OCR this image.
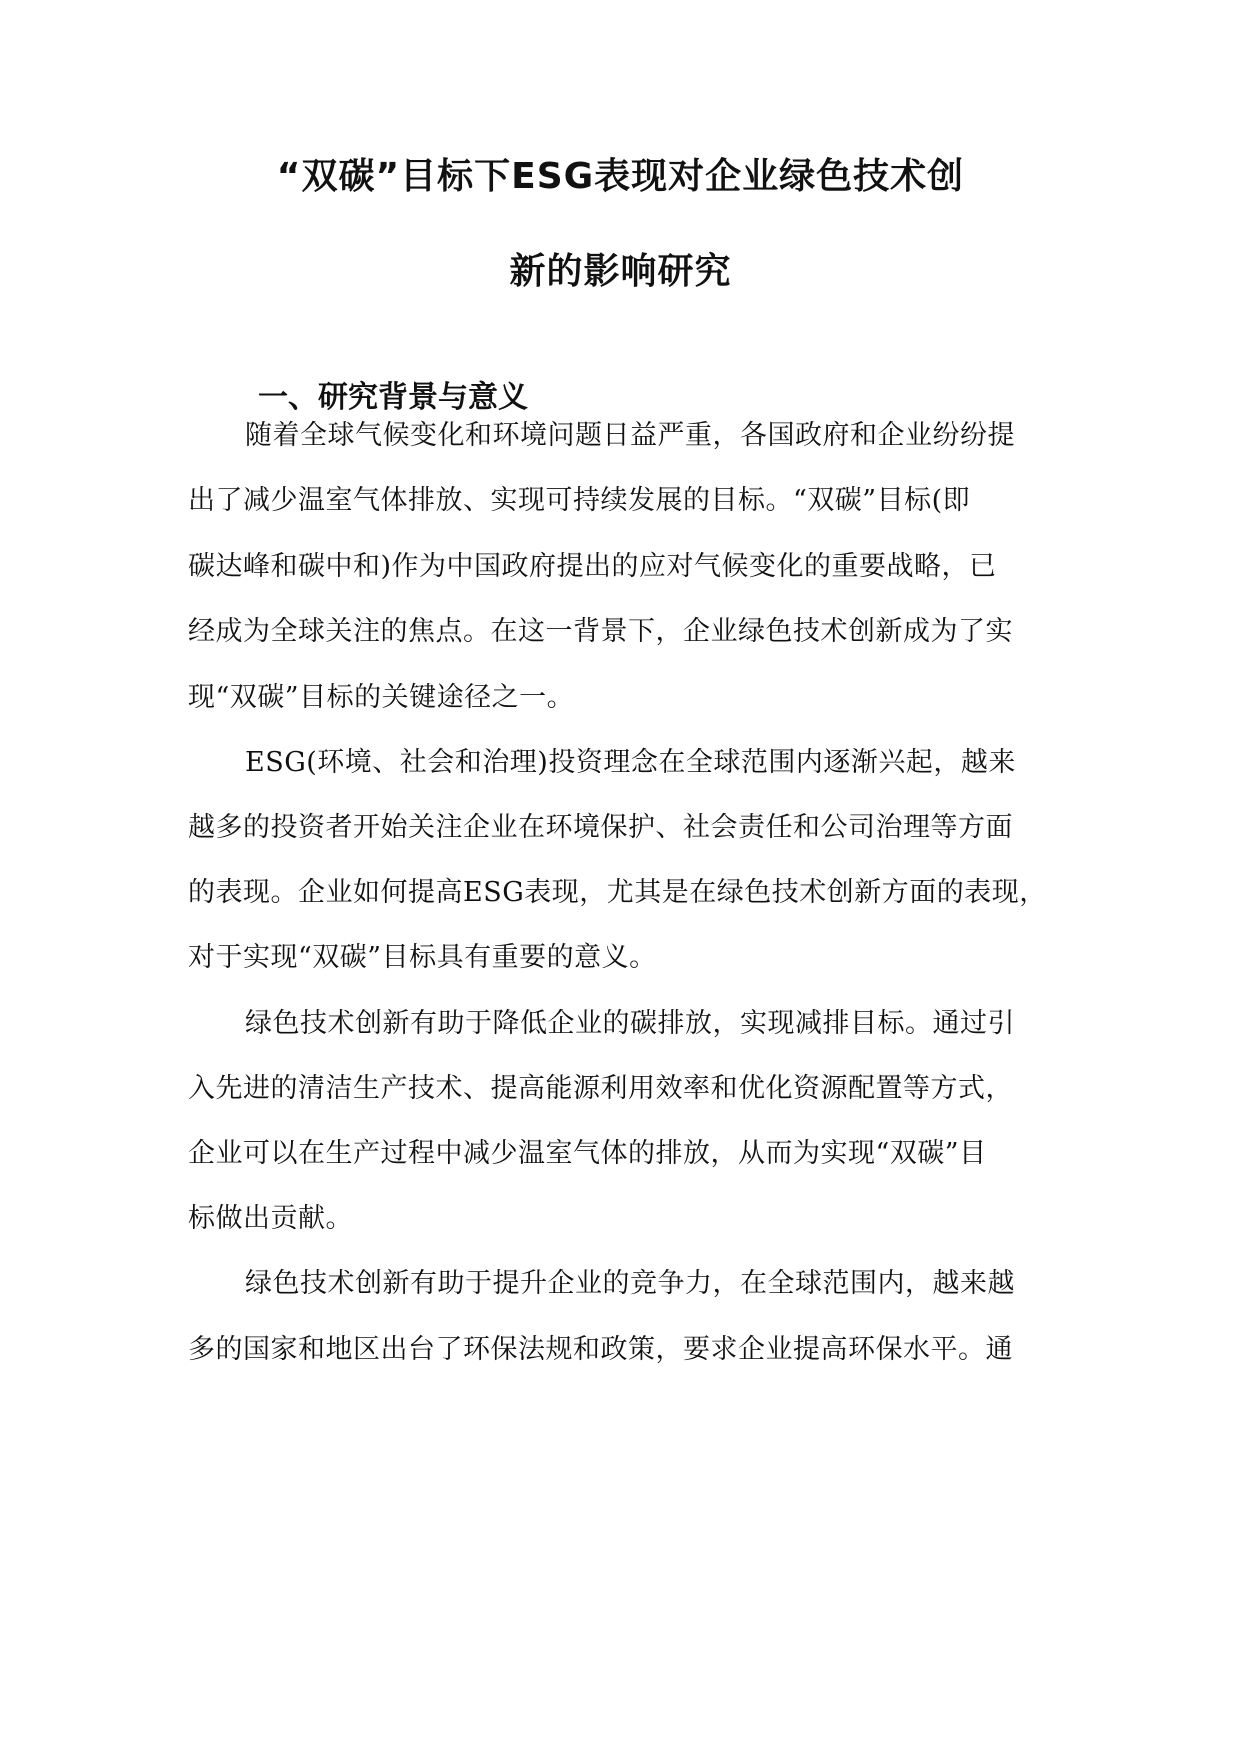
“双碳”目标下ESG表现对企业绿色技术创
新的影响研究
一、研究背景与意义
随着全球气候变化和环境问题日益严重，各国政府和企业纷纷提
出了减少温室气体排放、实现可持续发展的目标。“双碳”目标(即
碳达峰和碳中和)作为中国政府提出的应对气候变化的重要战略，已
经成为全球关注的焦点。在这一背景下，企业绿色技术创新成为了实
现“双碳”目标的关键途径之一。
ESG(环境、社会和治理)投资理念在全球范围内逐渐兴起，越来
越多的投资者开始关注企业在环境保护、社会责任和公司治理等方面
的表现。企业如何提高ESG表现，尤其是在绿色技术创新方面的表现，
对于实现“双碳”目标具有重要的意义。
绿色技术创新有助于降低企业的碳排放，实现减排目标。通过引
入先进的清洁生产技术、提高能源利用效率和优化资源配置等方式，
企业可以在生产过程中减少温室气体的排放，从而为实现“双碳”目
标做出贡献。
绿色技术创新有助于提升企业的竞争力，在全球范围内，越来越
多的国家和地区出台了环保法规和政策，要求企业提高环保水平。通
